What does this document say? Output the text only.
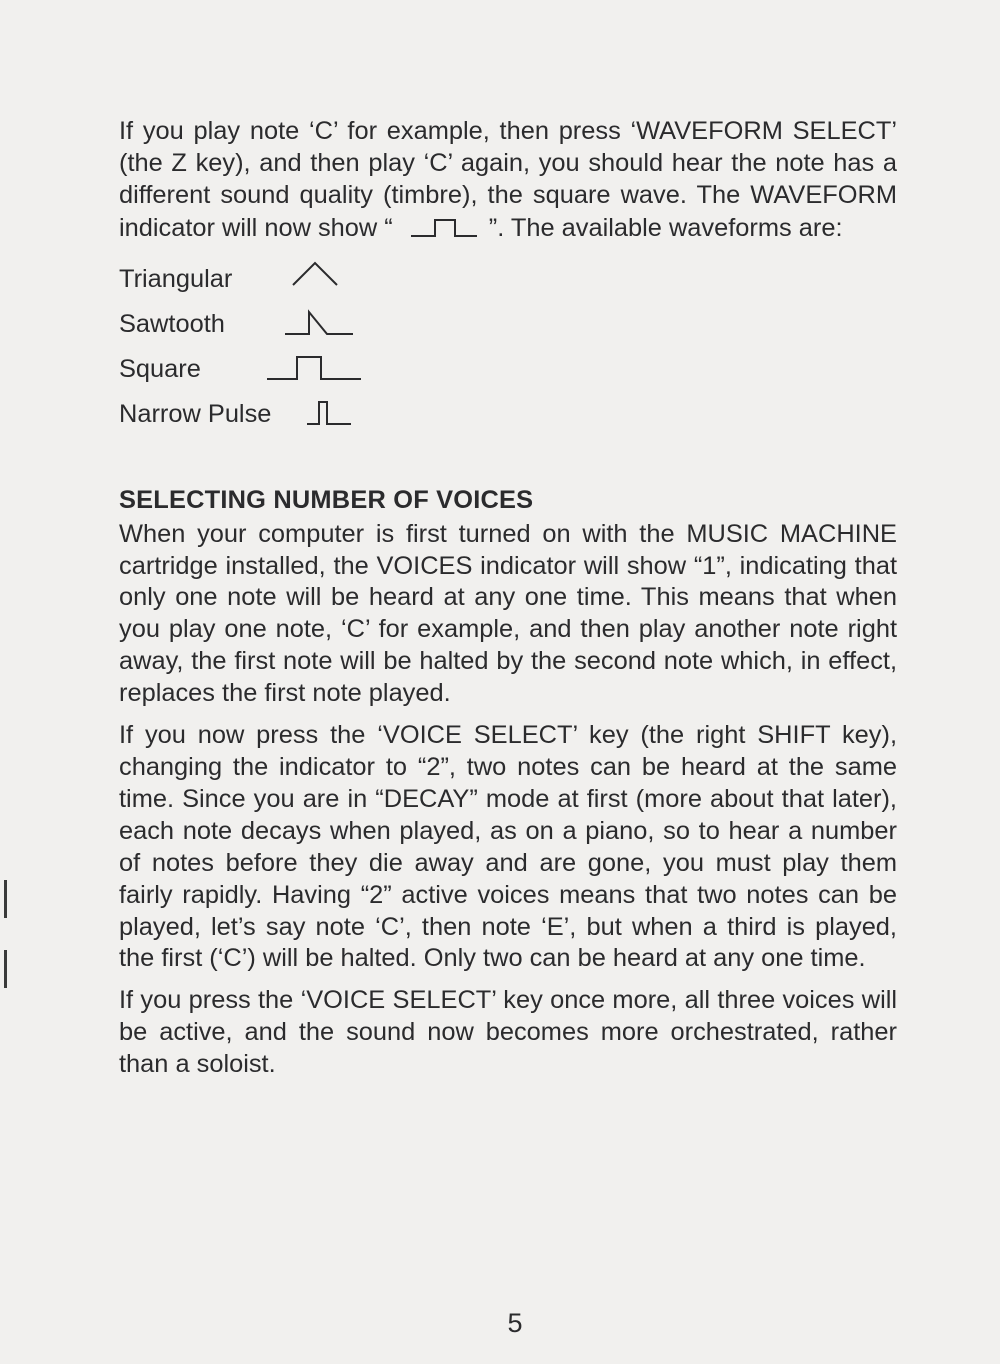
If you play note ‘C’ for example, then press ‘WAVEFORM SELECT’ (the Z key), and then play ‘C’ again, you should hear the note has a different sound quality (timbre), the square wave. The WAVEFORM indicator will now show “	”. The available waveforms are:

Triangular
Sawtooth
Square
Narrow Pulse
SELECTING NUMBER OF VOICES

When your computer is first turned on with the MUSIC MACHINE cartridge installed, the VOICES indicator will show “1”, indicating that only one note will be heard at any one time. This means that when you play one note, ‘C’ for example, and then play another note right away, the first note will be halted by the second note which, in effect, replaces the first note played.

If you now press the ‘VOICE SELECT’ key (the right SHIFT key), changing the indicator to “2”, two notes can be heard at the same time. Since you are in “DECAY” mode at first (more about that later), each note decays when played, as on a piano, so to hear a number of notes before they die away and are gone, you must play them fairly rapidly. Having “2” active voices means that two notes can be played, let’s say note ‘C’, then note ‘E’, but when a third is played, the first (‘C’) will be halted. Only two can be heard at any one time.

If you press the ‘VOICE SELECT’ key once more, all three voices will be active, and the sound now becomes more orchestrated, rather than a soloist.

5
